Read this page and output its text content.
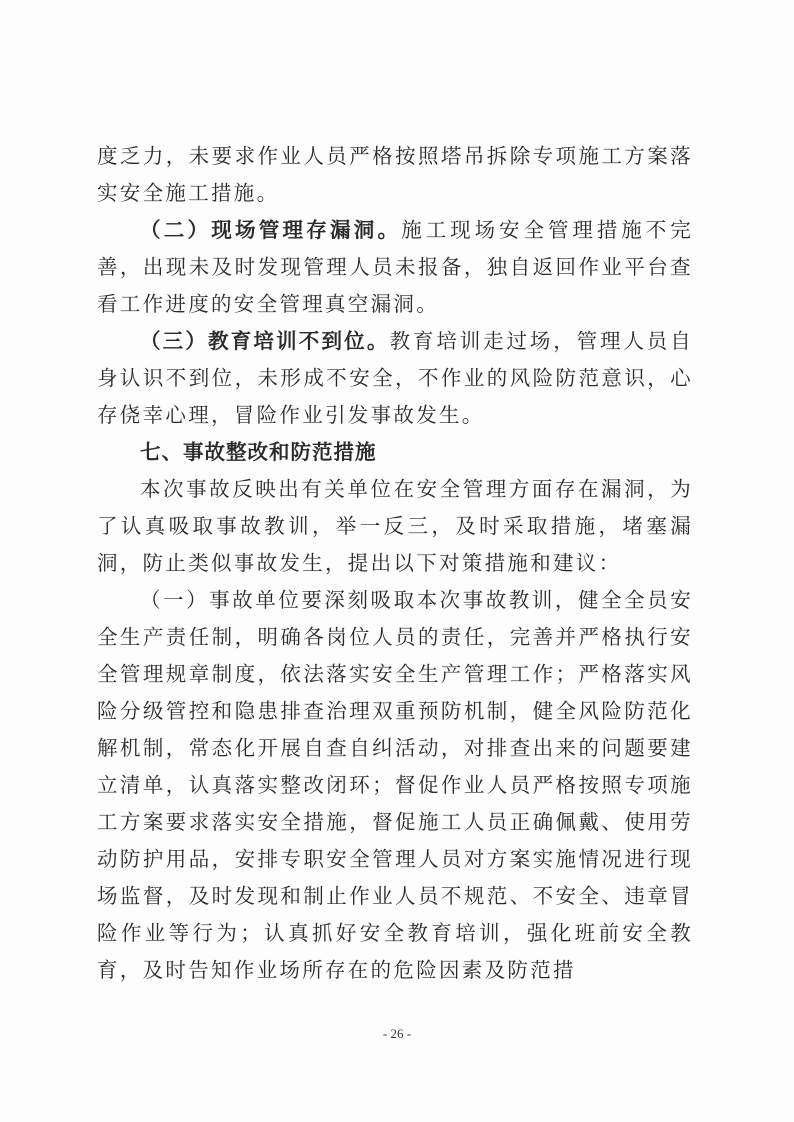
度乏力，未要求作业人员严格按照塔吊拆除专项施工方案落实安全施工措施。

（二）现场管理存漏洞。施工现场安全管理措施不完善，出现未及时发现管理人员未报备，独自返回作业平台查看工作进度的安全管理真空漏洞。

（三）教育培训不到位。教育培训走过场，管理人员自身认识不到位，未形成不安全，不作业的风险防范意识，心存侥幸心理，冒险作业引发事故发生。

七、事故整改和防范措施

本次事故反映出有关单位在安全管理方面存在漏洞，为了认真吸取事故教训，举一反三，及时采取措施，堵塞漏洞，防止类似事故发生，提出以下对策措施和建议：

（一）事故单位要深刻吸取本次事故教训，健全全员安全生产责任制，明确各岗位人员的责任，完善并严格执行安全管理规章制度，依法落实安全生产管理工作；严格落实风险分级管控和隐患排查治理双重预防机制，健全风险防范化解机制，常态化开展自查自纠活动，对排查出来的问题要建立清单，认真落实整改闭环；督促作业人员严格按照专项施工方案要求落实安全措施，督促施工人员正确佩戴、使用劳动防护用品，安排专职安全管理人员对方案实施情况进行现场监督，及时发现和制止作业人员不规范、不安全、违章冒险作业等行为；认真抓好安全教育培训，强化班前安全教育，及时告知作业场所存在的危险因素及防范措

- 26 -
